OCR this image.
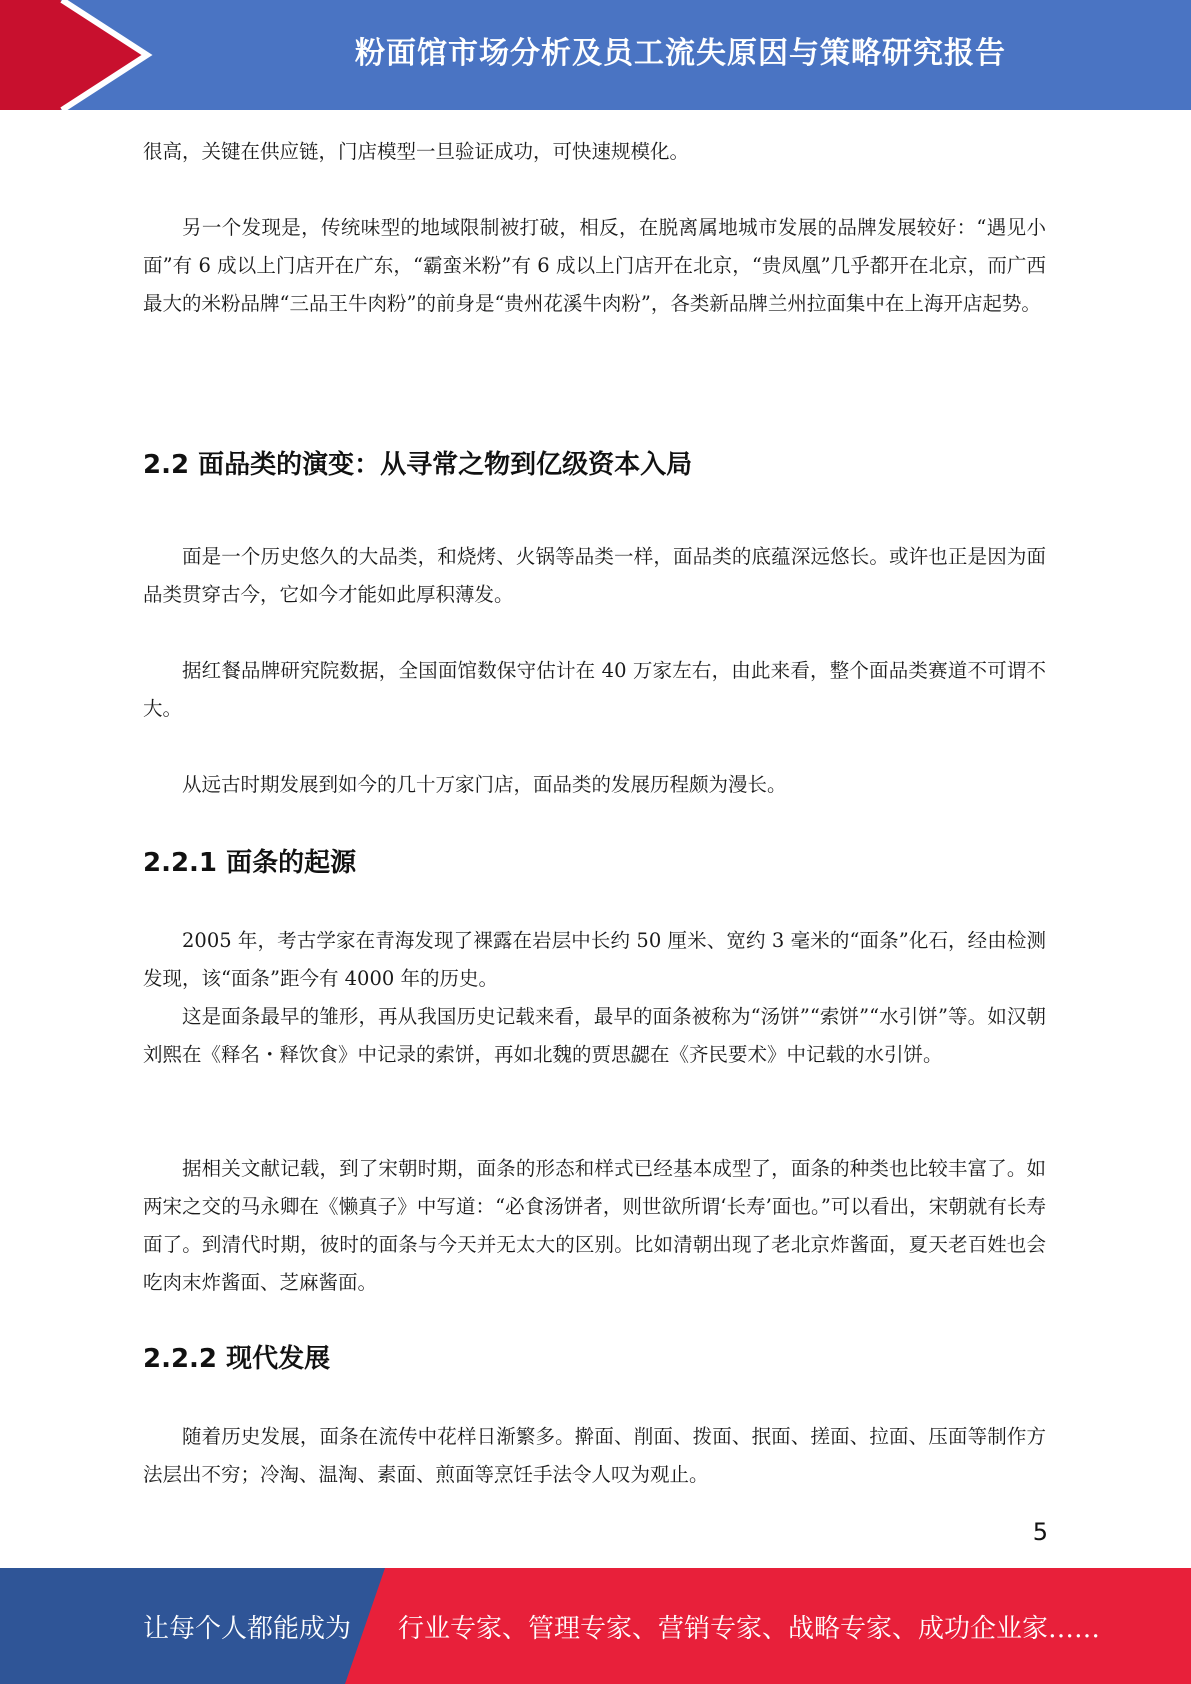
粉面馆市场分析及员工流失原因与策略研究报告

很高，关键在供应链，门店模型一旦验证成功，可快速规模化。

另一个发现是，传统味型的地域限制被打破，相反，在脱离属地城市发展的品牌发展较好：“遇见小面”有 6 成以上门店开在广东，“霸蛮米粉”有 6 成以上门店开在北京，“贵凤凰”几乎都开在北京，而广西最大的米粉品牌“三品王牛肉粉”的前身是“贵州花溪牛肉粉”，各类新品牌兰州拉面集中在上海开店起势。

2.2 面品类的演变：从寻常之物到亿级资本入局

面是一个历史悠久的大品类，和烧烤、火锅等品类一样，面品类的底蕴深远悠长。或许也正是因为面品类贯穿古今，它如今才能如此厚积薄发。

据红餐品牌研究院数据，全国面馆数保守估计在 40 万家左右，由此来看，整个面品类赛道不可谓不大。

从远古时期发展到如今的几十万家门店，面品类的发展历程颇为漫长。

2.2.1 面条的起源

2005 年，考古学家在青海发现了裸露在岩层中长约 50 厘米、宽约 3 毫米的“面条”化石，经由检测发现，该“面条”距今有 4000 年的历史。

这是面条最早的雏形，再从我国历史记载来看，最早的面条被称为“汤饼”“索饼”“水引饼”等。如汉朝刘熙在《释名・释饮食》中记录的索饼，再如北魏的贾思勰在《齐民要术》中记载的水引饼。

据相关文献记载，到了宋朝时期，面条的形态和样式已经基本成型了，面条的种类也比较丰富了。如两宋之交的马永卿在《懒真子》中写道：“必食汤饼者，则世欲所谓‘长寿’面也。”可以看出，宋朝就有长寿面了。到清代时期，彼时的面条与今天并无太大的区别。比如清朝出现了老北京炸酱面，夏天老百姓也会吃肉末炸酱面、芝麻酱面。

2.2.2 现代发展

随着历史发展，面条在流传中花样日渐繁多。擀面、削面、拨面、抿面、搓面、拉面、压面等制作方法层出不穷；冷淘、温淘、素面、煎面等烹饪手法令人叹为观止。

5
让每个人都能成为 行业专家、管理专家、营销专家、战略专家、成功企业家……
